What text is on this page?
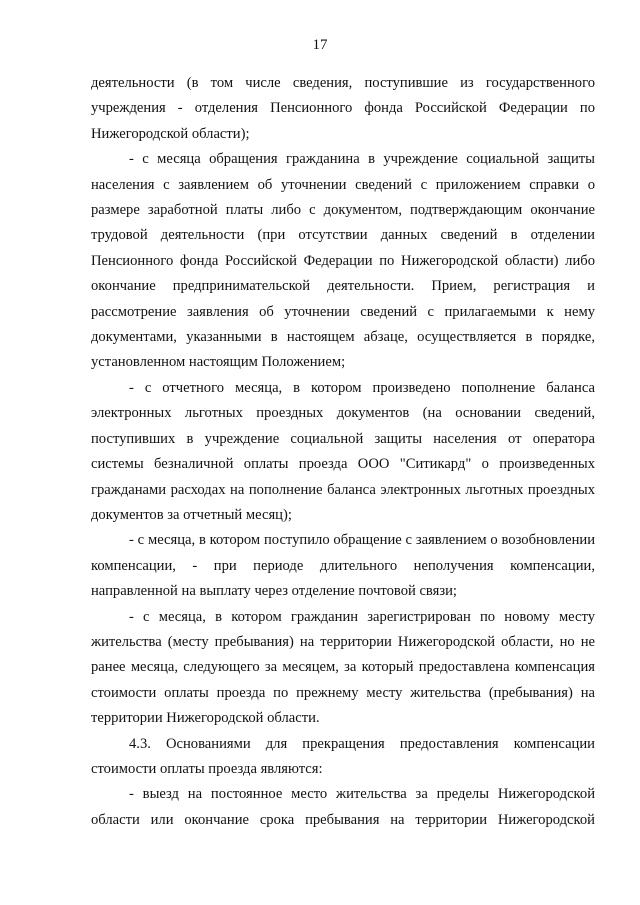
17

деятельности (в том числе сведения, поступившие из государственного учреждения - отделения Пенсионного фонда Российской Федерации по Нижегородской области);

- с месяца обращения гражданина в учреждение социальной защиты населения с заявлением об уточнении сведений с приложением справки о размере заработной платы либо с документом, подтверждающим окончание трудовой деятельности (при отсутствии данных сведений в отделении Пенсионного фонда Российской Федерации по Нижегородской области) либо окончание предпринимательской деятельности. Прием, регистрация и рассмотрение заявления об уточнении сведений с прилагаемыми к нему документами, указанными в настоящем абзаце, осуществляется в порядке, установленном настоящим Положением;

- с отчетного месяца, в котором произведено пополнение баланса электронных льготных проездных документов (на основании сведений, поступивших в учреждение социальной защиты населения от оператора системы безналичной оплаты проезда ООО "Ситикард" о произведенных гражданами расходах на пополнение баланса электронных льготных проездных документов за отчетный месяц);

- с месяца, в котором поступило обращение с заявлением о возобновлении компенсации, - при периоде длительного неполучения компенсации, направленной на выплату через отделение почтовой связи;

- с месяца, в котором гражданин зарегистрирован по новому месту жительства (месту пребывания) на территории Нижегородской области, но не ранее месяца, следующего за месяцем, за который предоставлена компенсация стоимости оплаты проезда по прежнему месту жительства (пребывания) на территории Нижегородской области.

4.3. Основаниями для прекращения предоставления компенсации стоимости оплаты проезда являются:

- выезд на постоянное место жительства за пределы Нижегородской области или окончание срока пребывания на территории Нижегородской
